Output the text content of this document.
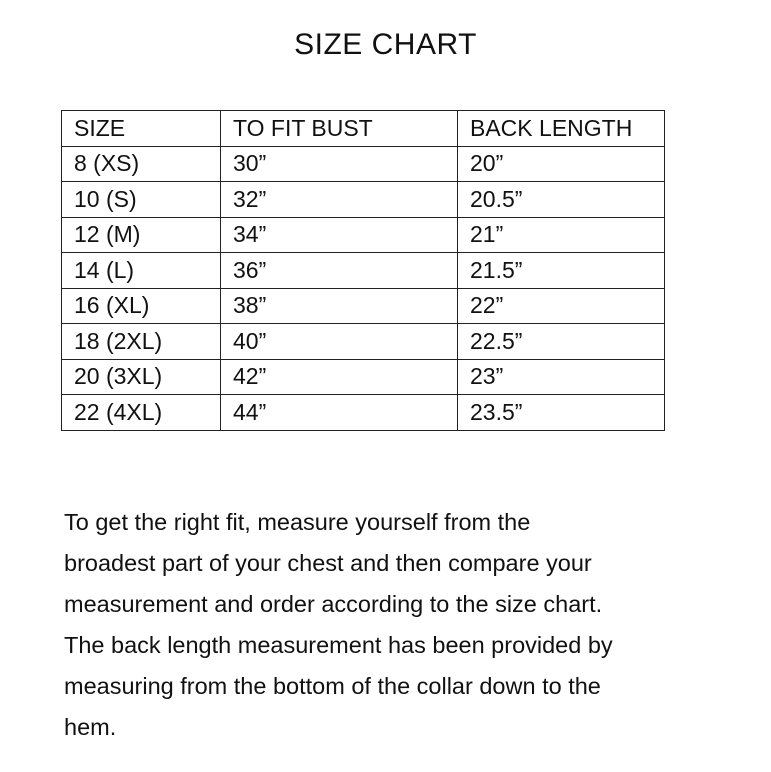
SIZE CHART
SIZE	TO FIT BUST	BACK LENGTH
8 (XS)	30”	20”
10 (S)	32”	20.5”
12 (M)	34”	21”
14 (L)	36”	21.5”
16 (XL)	38”	22”
18 (2XL)	40”	22.5”
20 (3XL)	42”	23”
22 (4XL)	44”	23.5”

To get the right fit, measure yourself from the
broadest part of your chest and then compare your
measurement and order according to the size chart.
The back length measurement has been provided by
measuring from the bottom of the collar down to the
hem.
